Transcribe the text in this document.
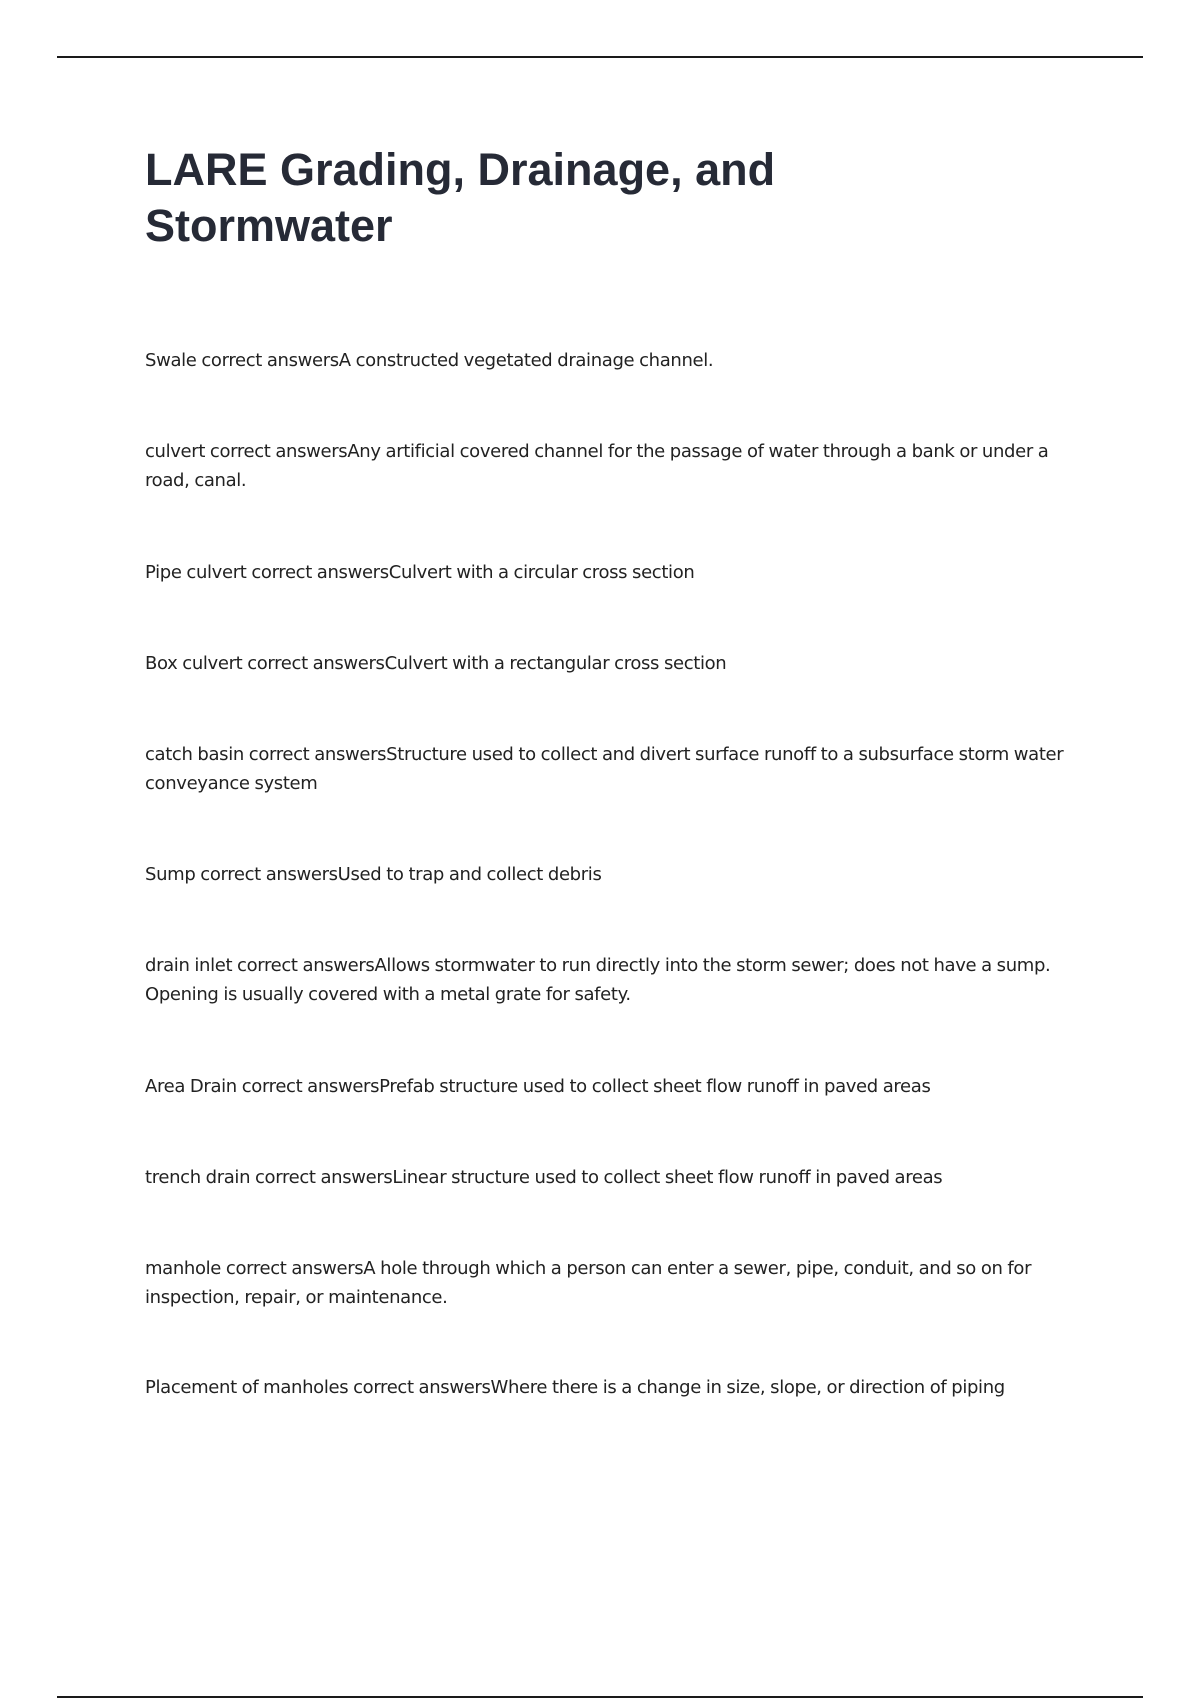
LARE Grading, Drainage, and Stormwater
Swale correct answersA constructed vegetated drainage channel.
culvert correct answersAny artificial covered channel for the passage of water through a bank or under a road, canal.
Pipe culvert correct answersCulvert with a circular cross section
Box culvert correct answersCulvert with a rectangular cross section
catch basin correct answersStructure used to collect and divert surface runoff to a subsurface storm water conveyance system
Sump correct answersUsed to trap and collect debris
drain inlet correct answersAllows stormwater to run directly into the storm sewer; does not have a sump. Opening is usually covered with a metal grate for safety.
Area Drain correct answersPrefab structure used to collect sheet flow runoff in paved areas
trench drain correct answersLinear structure used to collect sheet flow runoff in paved areas
manhole correct answersA hole through which a person can enter a sewer, pipe, conduit, and so on for inspection, repair, or maintenance.
Placement of manholes correct answersWhere there is a change in size, slope, or direction of piping
